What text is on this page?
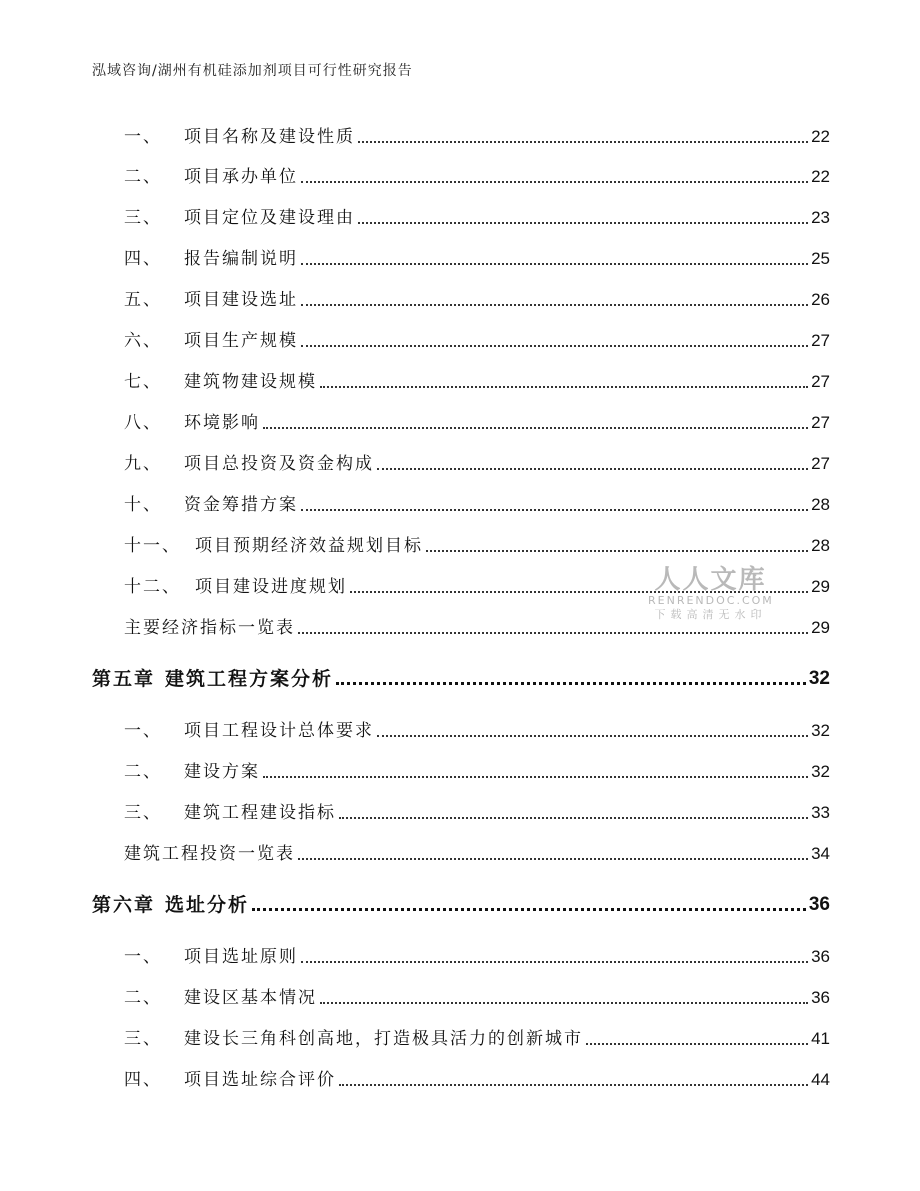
泓域咨询/湖州有机硅添加剂项目可行性研究报告
一、 项目名称及建设性质	22
二、 项目承办单位	22
三、 项目定位及建设理由	23
四、 报告编制说明	25
五、 项目建设选址	26
六、 项目生产规模	27
七、 建筑物建设规模	27
八、 环境影响	27
九、 项目总投资及资金构成	27
十、 资金筹措方案	28
十一、 项目预期经济效益规划目标	28
十二、 项目建设进度规划	29
主要经济指标一览表	29
第五章 建筑工程方案分析	32
一、 项目工程设计总体要求	32
二、 建设方案	32
三、 建筑工程建设指标	33
建筑工程投资一览表	34
第六章 选址分析	36
一、 项目选址原则	36
二、 建设区基本情况	36
三、 建设长三角科创高地，打造极具活力的创新城市	41
四、 项目选址综合评价	44
人人文库
RENRENDOC.COM
下载高清无水印
